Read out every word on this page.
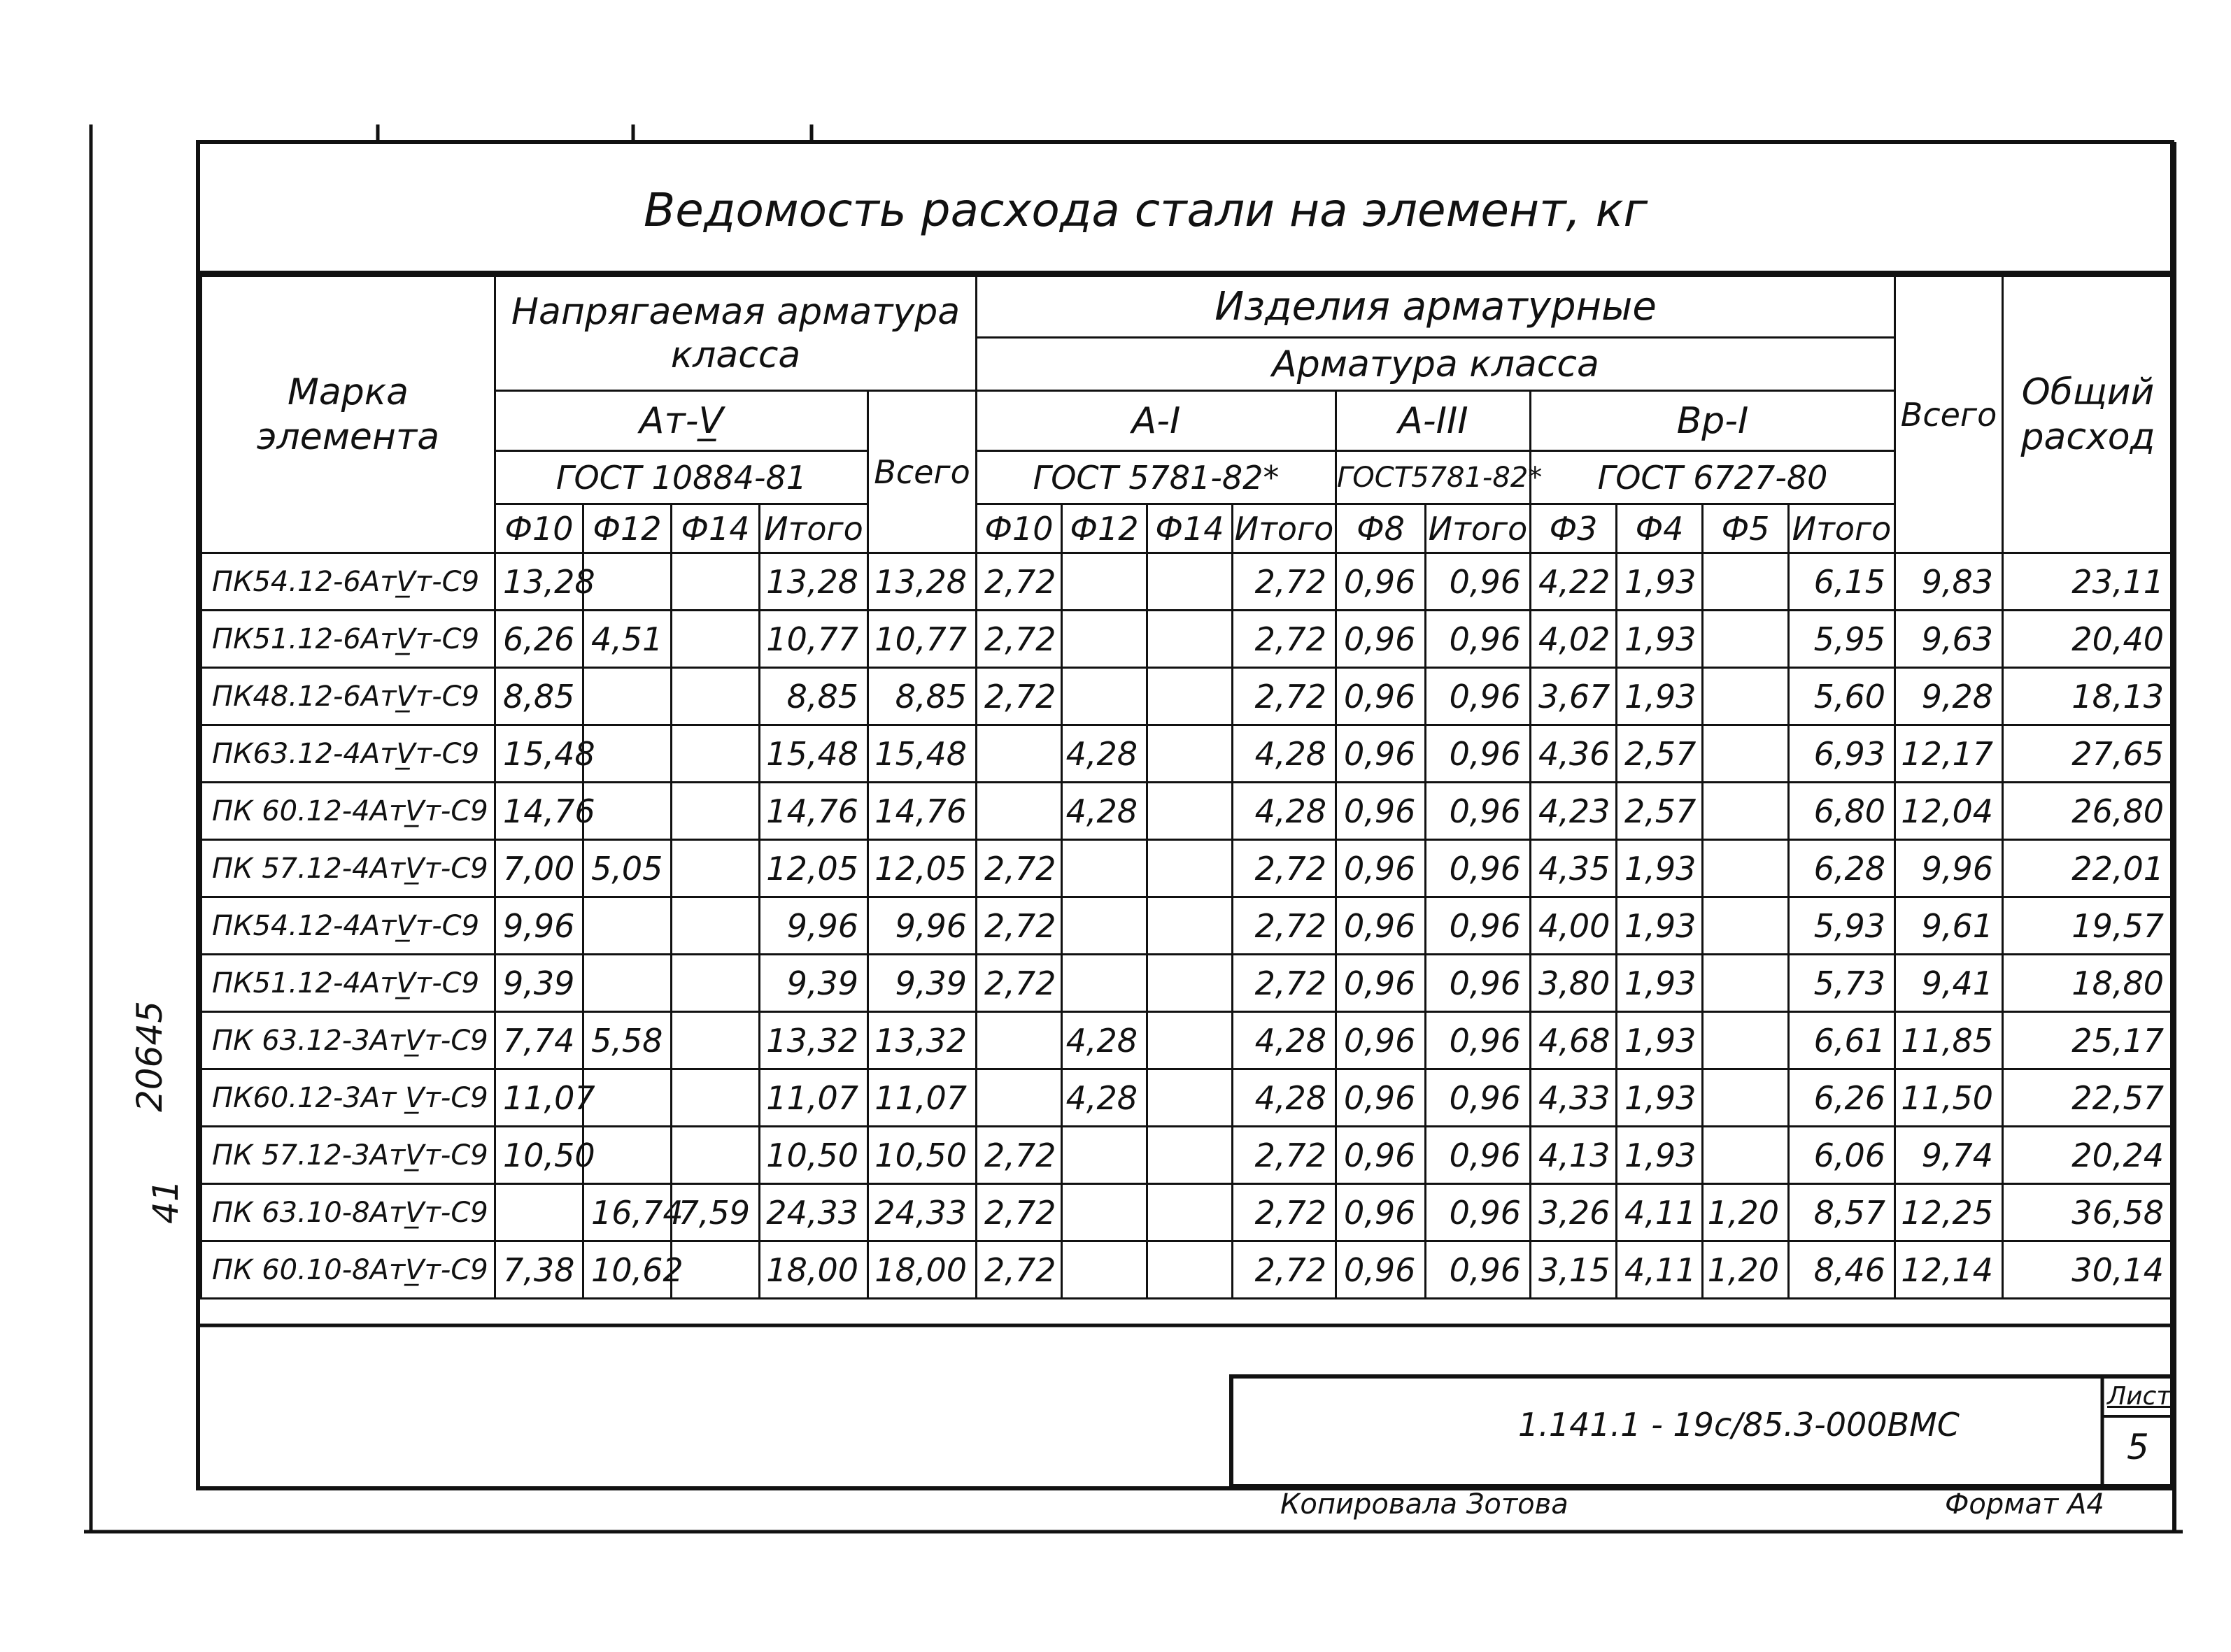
Ведомость расхода стали на элемент, кг
Марка элемента	Напрягаемая арматура класса					Изделия арматурные										Всего	Общий расход
						Арматура класса											
	Ат-V̲				Всего	А-I				А-III		Вр-I					
	ГОСТ 10884-81					ГОСТ 5781-82*				ГОСТ5781-82*		ГОСТ 6727-80					
	Ф10	Ф12	Ф14	Итого		Ф10	Ф12	Ф14	Итого	Ф8	Итого	Ф3	Ф4	Ф5	Итого		
ПК54.12-6АтV̲т-С9	13,28			13,28	13,28	2,72			2,72	0,96	0,96	4,22	1,93		6,15	9,83	23,11
ПК51.12-6АтV̲т-С9	6,26	4,51		10,77	10,77	2,72			2,72	0,96	0,96	4,02	1,93		5,95	9,63	20,40
ПК48.12-6АтV̲т-С9	8,85			8,85	8,85	2,72			2,72	0,96	0,96	3,67	1,93		5,60	9,28	18,13
ПК63.12-4АтV̲т-С9	15,48			15,48	15,48		4,28		4,28	0,96	0,96	4,36	2,57		6,93	12,17	27,65
ПК 60.12-4АтV̲т-С9	14,76			14,76	14,76		4,28		4,28	0,96	0,96	4,23	2,57		6,80	12,04	26,80
ПК 57.12-4АтV̲т-С9	7,00	5,05		12,05	12,05	2,72			2,72	0,96	0,96	4,35	1,93		6,28	9,96	22,01
ПК54.12-4АтV̲т-С9	9,96			9,96	9,96	2,72			2,72	0,96	0,96	4,00	1,93		5,93	9,61	19,57
ПК51.12-4АтV̲т-С9	9,39			9,39	9,39	2,72			2,72	0,96	0,96	3,80	1,93		5,73	9,41	18,80
ПК 63.12-3АтV̲т-С9	7,74	5,58		13,32	13,32		4,28		4,28	0,96	0,96	4,68	1,93		6,61	11,85	25,17
ПК60.12-3Ат V̲т-С9	11,07			11,07	11,07		4,28		4,28	0,96	0,96	4,33	1,93		6,26	11,50	22,57
ПК 57.12-3АтV̲т-С9	10,50			10,50	10,50	2,72			2,72	0,96	0,96	4,13	1,93		6,06	9,74	20,24
ПК 63.10-8АтV̲т-С9		16,74	7,59	24,33	24,33	2,72			2,72	0,96	0,96	3,26	4,11	1,20	8,57	12,25	36,58
ПК 60.10-8АтV̲т-С9	7,38	10,62		18,00	18,00	2,72			2,72	0,96	0,96	3,15	4,11	1,20	8,46	12,14	30,14
1.141.1 - 19с/85.3-000ВМС
Лист
5
Копировала Зотова	Формат А4
20645
41
